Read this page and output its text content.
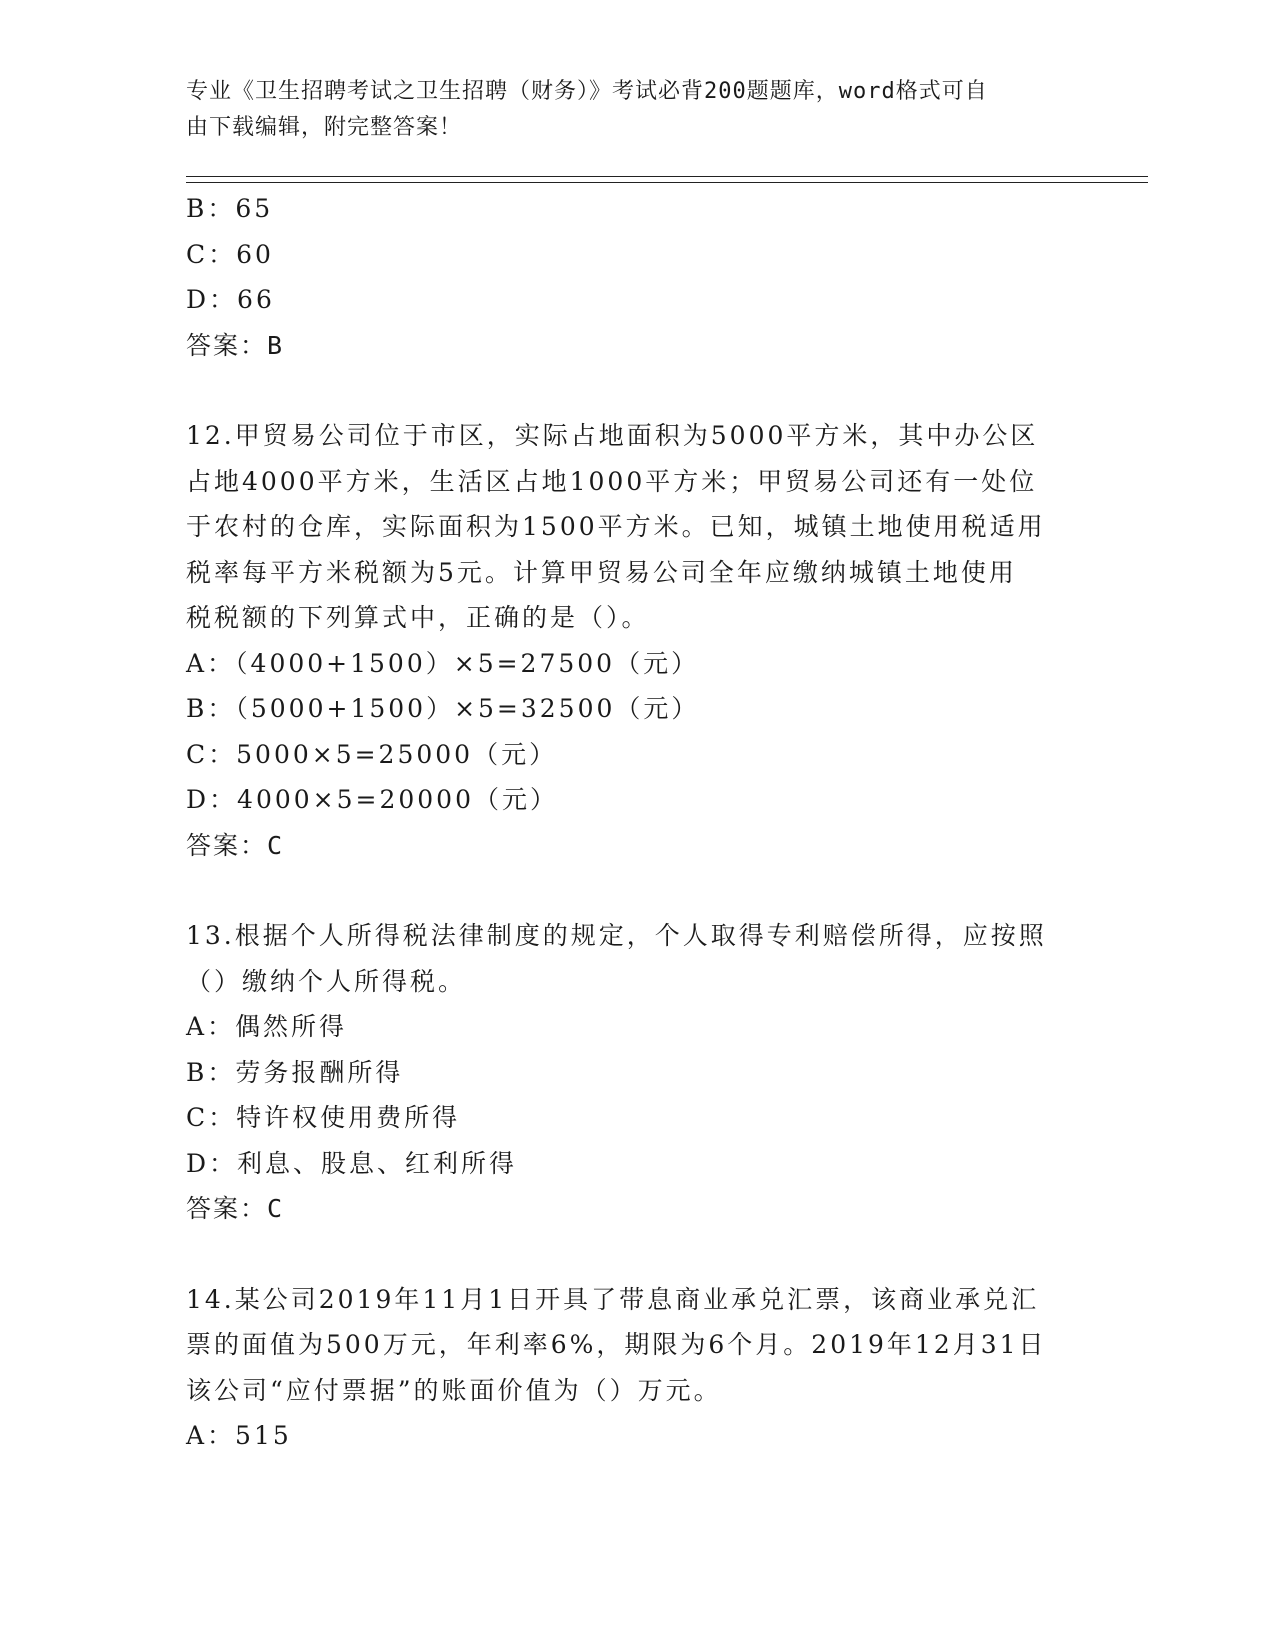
专业《卫生招聘考试之卫生招聘（财务）》考试必背200题题库，word格式可自
由下载编辑，附完整答案！
B：65
C：60
D：66
答案：B
12.甲贸易公司位于市区，实际占地面积为5000平方米，其中办公区
占地4000平方米，生活区占地1000平方米；甲贸易公司还有一处位
于农村的仓库，实际面积为1500平方米。已知，城镇土地使用税适用
税率每平方米税额为5元。计算甲贸易公司全年应缴纳城镇土地使用
税税额的下列算式中，正确的是（）。
A：（4000+1500）×5=27500（元）
B：（5000+1500）×5=32500（元）
C：5000×5=25000（元）
D：4000×5=20000（元）
答案：C
13.根据个人所得税法律制度的规定，个人取得专利赔偿所得，应按照
（）缴纳个人所得税。
A：偶然所得
B：劳务报酬所得
C：特许权使用费所得
D：利息、股息、红利所得
答案：C
14.某公司2019年11月1日开具了带息商业承兑汇票，该商业承兑汇
票的面值为500万元，年利率6%，期限为6个月。2019年12月31日
该公司“应付票据”的账面价值为（）万元。
A：515
